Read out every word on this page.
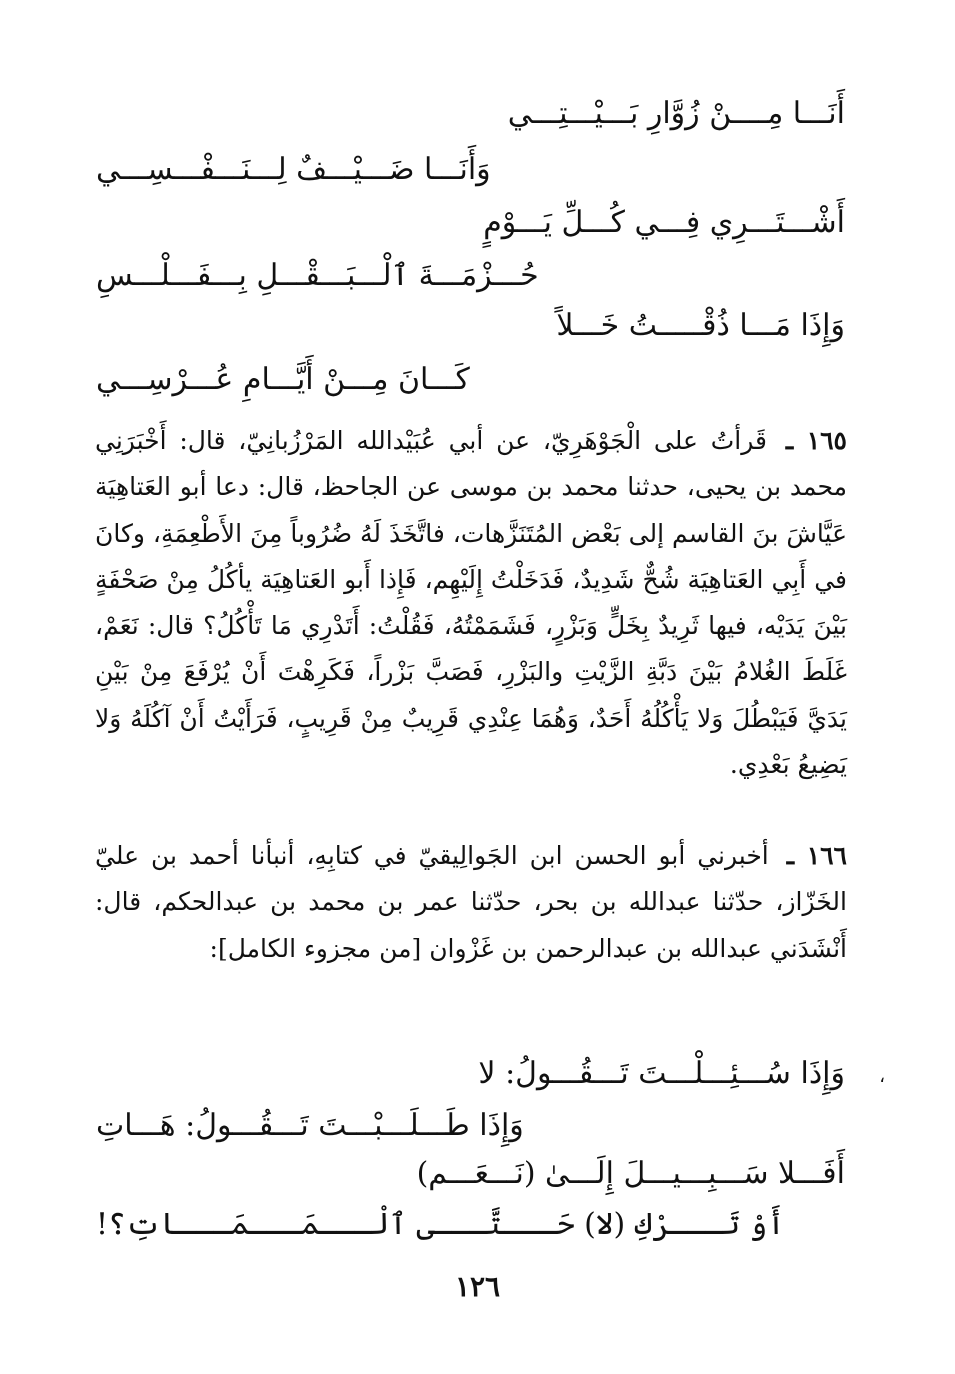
أَنَـــا مِــــنْ زُوَّارِ بَـــيْـــتِـــي
وَأَنَـــا ضَـــيْـــفٌ لِـــنَـــفْـــسِـــي
أَشْـــتَـــرِي فِـــي كُـــلِّ يَـــوْمٍ
حُـــزْمَـــةَ ٱلْـــبَـــقْـــلِ بِـــفَـــلْـــسِ
وَإِذَا مَـــا ذُقْـــــتُ خَـــلاً
كَـــانَ مِـــنْ أَيَّـــامِ عُـــرْسِـــي

١٦٥ ـ قَرأتُ على الْجَوْهَرِيّ، عن أبي عُبَيْدالله المَرْزُبانِيّ، قال: أَخْبَرَنِي محمد بن يحيى، حدثنا محمد بن موسى عن الجاحظ، قال: دعا أبو العَتاهِيَة عَيَّاشَ بنَ القاسم إلى بَعْض المُتَنَزَّهات، فاتَّخَذَ لَهُ ضُرُوباً مِنَ الأَطْعِمَةِ، وكانَ في أَبِي العَتاهِيَة شُحٌّ شَدِيدٌ، فَدَخَلْتُ إِلَيْهِم، فَإِذا أَبو العَتاهِيَة يأكُلُ مِنْ صَحْفَةٍ بَيْنَ يَدَيْه، فيها ثَرِيدٌ بِخَلٍّ وَبَزْرٍ، فَشَمَمْتُهُ، فَقُلْتُ: أَتَدْرِي مَا تَأْكُلُ؟ قال: نَعَمْ، غَلَطَ الغُلامُ بَيْنَ دَبَّةِ الزَّيْتِ والبَزْرِ، فَصَبَّ بَزْراً، فَكَرِهْتَ أَنْ يُرْفَعَ مِنْ بَيْنِ يَدَيَّ فَيَبْطُلَ وَلا يَأْكُلُهُ أَحَدٌ، وَهُمَا عِنْدِي قَرِيبٌ مِنْ قَرِيبٍ، فَرَأَيْتُ أَنْ آكُلَهُ وَلا يَضِيعُ بَعْدِي.

١٦٦ ـ أخبرني أبو الحسن ابن الجَوالِيقيّ في كتابِهِ، أنبأنا أحمد بن عليّ الخَزّاز، حدّثنا عبدالله بن بحر، حدّثنا عمر بن محمد بن عبدالحكم، قال: أَنْشَدَني عبدالله بن عبدالرحمن بن غَزْوان [من مجزوء الكامل]:

،
وَإِذَا سُـــئِـــلْـــتَ تَـــقُـــولُ: لا
وَإِذَا طَـــلَـــبْـــتَ تَـــقُـــولُ: هَـــاتِ
أَفَـــلا سَـــبِـــيـــلَ إِلَـــىٰ (نَـــعَـــم)
أَوْ تَـــرْكِ (لا) حَـــتَّـــى ٱلْـــمَـــمَـــاتِ؟!
١٢٦
